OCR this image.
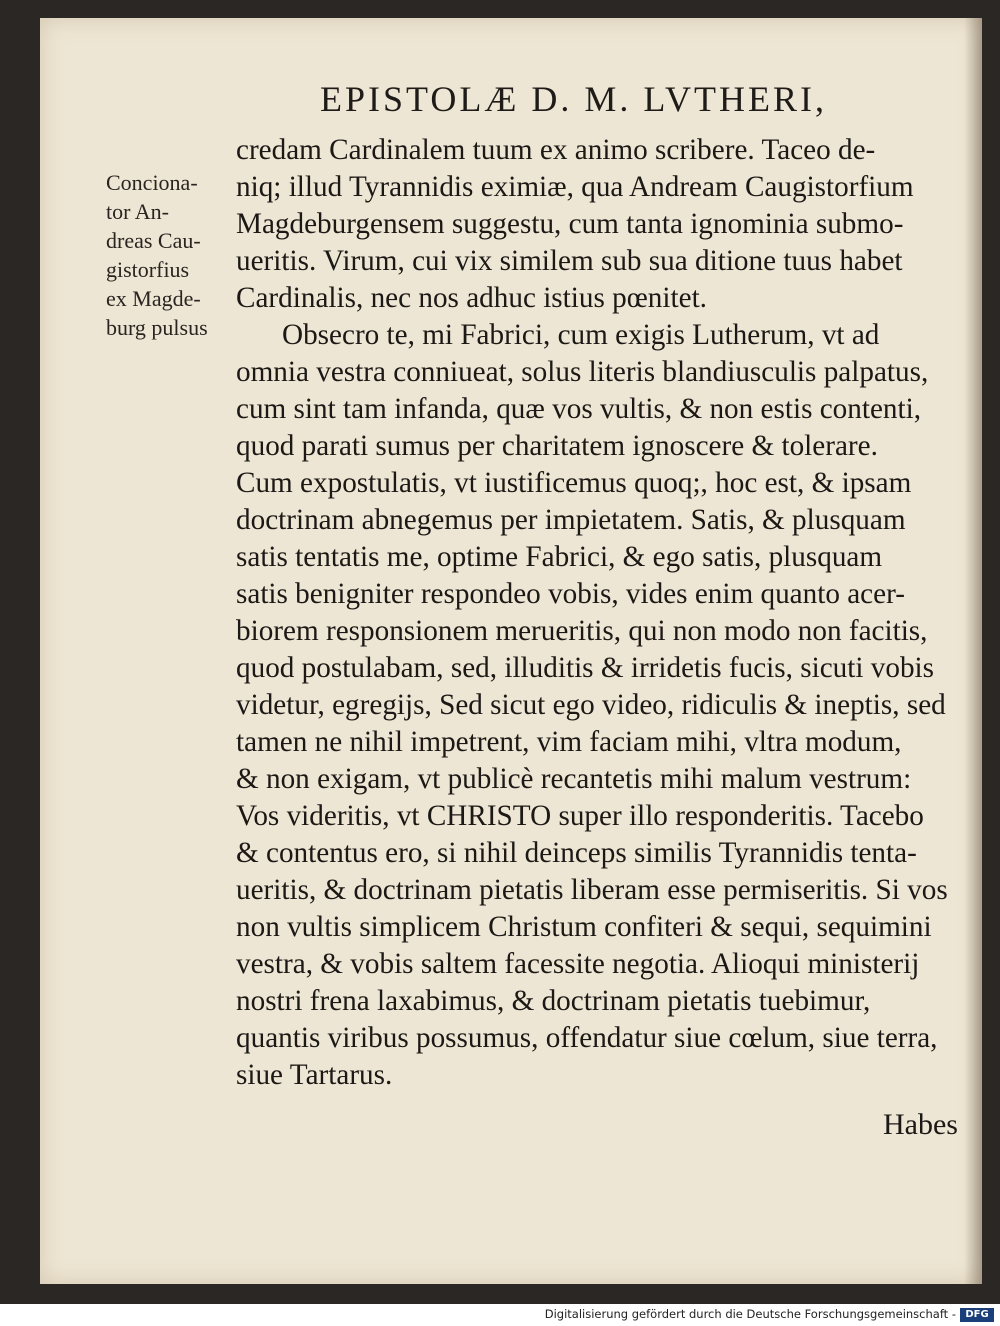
EPISTOLÆ D. M. LVTHERI,
Conciona-
tor An-
dreas Cau-
gistorfius
ex Magde-
burg pulsus
credam Cardinalem tuum ex animo scribere. Taceo de-
niq; illud Tyrannidis eximiæ, qua Andream Caugistorfium
Magdeburgensem suggestu, cum tanta ignominia submo-
ueritis. Virum, cui vix similem sub sua ditione tuus habet
Cardinalis, nec nos adhuc istius pœnitet.
Obsecro te, mi Fabrici, cum exigis Lutherum, vt ad
omnia vestra conniueat, solus literis blandiusculis palpatus,
cum sint tam infanda, quæ vos vultis, & non estis contenti,
quod parati sumus per charitatem ignoscere & tolerare.
Cum expostulatis, vt iustificemus quoq;, hoc est, & ipsam
doctrinam abnegemus per impietatem. Satis, & plusquam
satis tentatis me, optime Fabrici, & ego satis, plusquam
satis benigniter respondeo vobis, vides enim quanto acer-
biorem responsionem merueritis, qui non modo non facitis,
quod postulabam, sed, illuditis & irridetis fucis, sicuti vobis
videtur, egregijs, Sed sicut ego video, ridiculis & ineptis, sed
tamen ne nihil impetrent, vim faciam mihi, vltra modum,
& non exigam, vt publicè recantetis mihi malum vestrum:
Vos videritis, vt CHRISTO super illo responderitis. Tacebo
& contentus ero, si nihil deinceps similis Tyrannidis tenta-
ueritis, & doctrinam pietatis liberam esse permiseritis. Si vos
non vultis simplicem Christum confiteri & sequi, sequimini
vestra, & vobis saltem facessite negotia. Alioqui ministerij
nostri frena laxabimus, & doctrinam pietatis tuebimur,
quantis viribus possumus, offendatur siue cœlum, siue terra,
siue Tartarus.
Habes
Digitalisierung gefördert durch die Deutsche Forschungsgemeinschaft - DFG
